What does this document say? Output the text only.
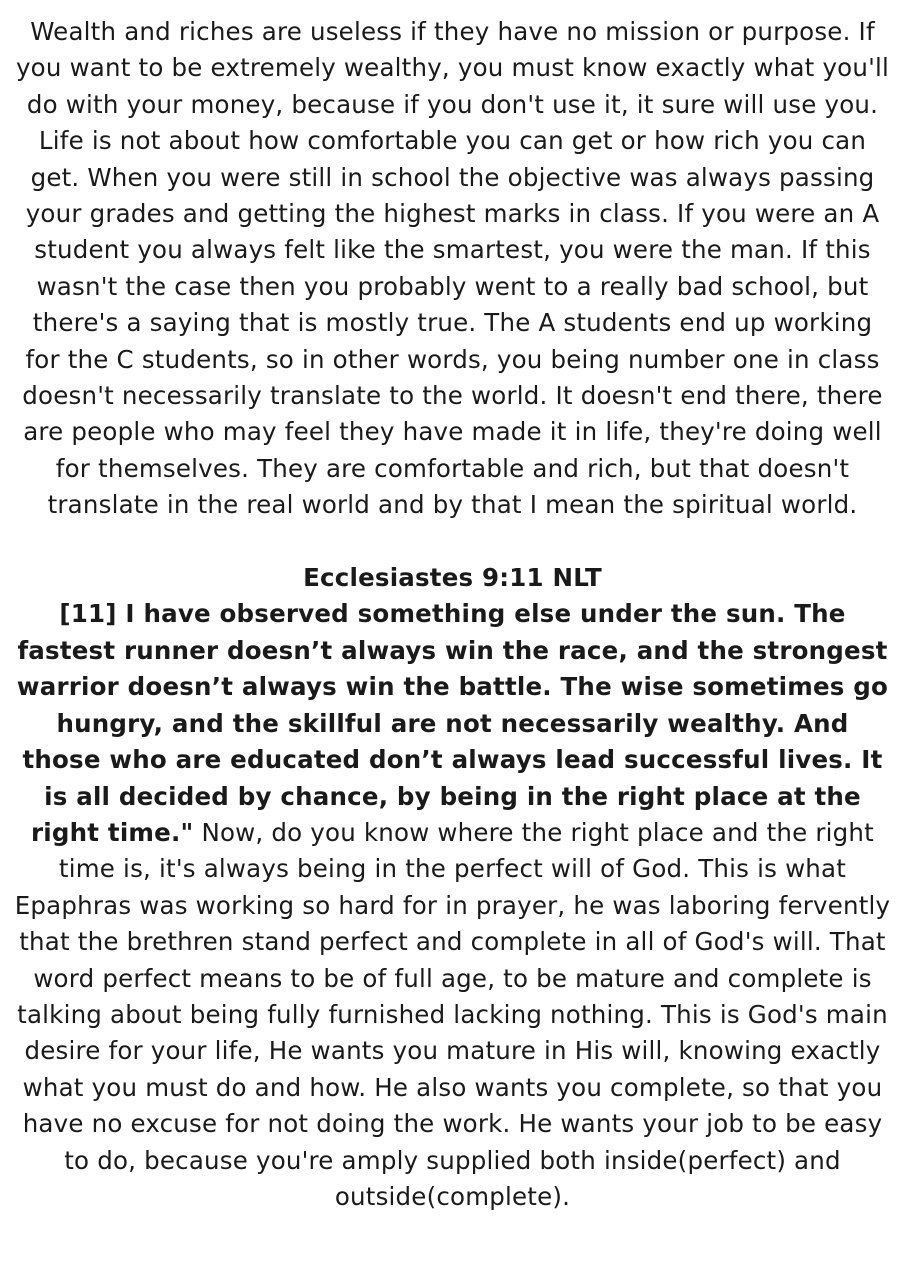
Wealth and riches are useless if they have no mission or purpose. If you want to be extremely wealthy, you must know exactly what you'll do with your money, because if you don't use it, it sure will use you. Life is not about how comfortable you can get or how rich you can get. When you were still in school the objective was always passing your grades and getting the highest marks in class. If you were an A student you always felt like the smartest, you were the man. If this wasn't the case then you probably went to a really bad school, but there's a saying that is mostly true. The A students end up working for the C students, so in other words, you being number one in class doesn't necessarily translate to the world. It doesn't end there, there are people who may feel they have made it in life, they're doing well for themselves. They are comfortable and rich, but that doesn't translate in the real world and by that I mean the spiritual world.

Ecclesiastes 9:11 NLT

[11] I have observed something else under the sun. The fastest runner doesn’t always win the race, and the strongest warrior doesn’t always win the battle. The wise sometimes go hungry, and the skillful are not necessarily wealthy. And those who are educated don’t always lead successful lives. It is all decided by chance, by being in the right place at the right time." Now, do you know where the right place and the right time is, it's always being in the perfect will of God. This is what Epaphras was working so hard for in prayer, he was laboring fervently that the brethren stand perfect and complete in all of God's will. That word perfect means to be of full age, to be mature and complete is talking about being fully furnished lacking nothing. This is God's main desire for your life, He wants you mature in His will, knowing exactly what you must do and how. He also wants you complete, so that you have no excuse for not doing the work. He wants your job to be easy to do, because you're amply supplied both inside(perfect) and outside(complete).
